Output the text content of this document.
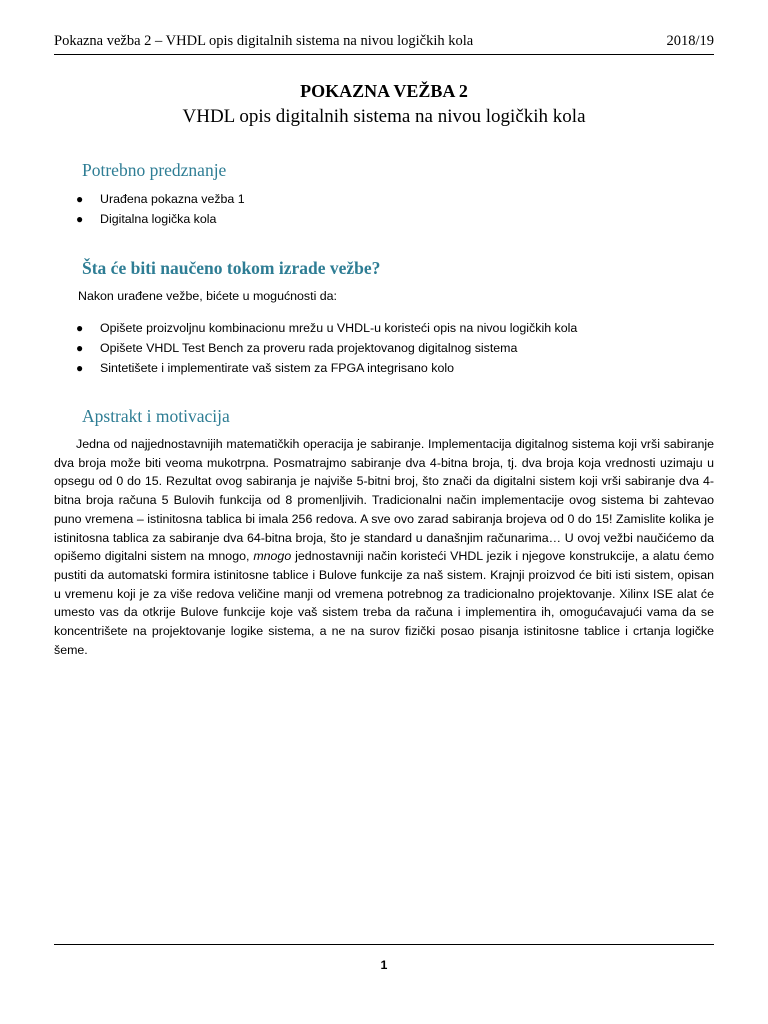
Pokazna vežba 2 – VHDL opis digitalnih sistema na nivou logičkih kola	2018/19
POKAZNA VEŽBA 2
VHDL opis digitalnih sistema na nivou logičkih kola
Potrebno predznanje
● Urađena pokazna vežba 1
● Digitalna logička kola
Šta će biti naučeno tokom izrade vežbe?
Nakon urađene vežbe, bićete u mogućnosti da:
● Opišete proizvoljnu kombinacionu mrežu u VHDL-u koristeći opis na nivou logičkih kola
● Opišete VHDL Test Bench za proveru rada projektovanog digitalnog sistema
● Sintetišete i implementirate vaš sistem za FPGA integrisano kolo
Apstrakt i motivacija
Jedna od najjednostavnijih matematičkih operacija je sabiranje. Implementacija digitalnog sistema koji vrši sabiranje dva broja može biti veoma mukotrpna. Posmatrajmo sabiranje dva 4-bitna broja, tj. dva broja koja vrednosti uzimaju u opsegu od 0 do 15. Rezultat ovog sabiranja je najviše 5-bitni broj, što znači da digitalni sistem koji vrši sabiranje dva 4-bitna broja računa 5 Bulovih funkcija od 8 promenljivih. Tradicionalni način implementacije ovog sistema bi zahtevao puno vremena – istinitosna tablica bi imala 256 redova. A sve ovo zarad sabiranja brojeva od 0 do 15! Zamislite kolika je istinitosna tablica za sabiranje dva 64-bitna broja, što je standard u današnjim računarima… U ovoj vežbi naučićemo da opišemo digitalni sistem na mnogo, mnogo jednostavniji način koristeći VHDL jezik i njegove konstrukcije, a alatu ćemo pustiti da automatski formira istinitosne tablice i Bulove funkcije za naš sistem. Krajnji proizvod će biti isti sistem, opisan u vremenu koji je za više redova veličine manji od vremena potrebnog za tradicionalno projektovanje. Xilinx ISE alat će umesto vas da otkrije Bulove funkcije koje vaš sistem treba da računa i implementira ih, omogućavajući vama da se koncentrišete na projektovanje logike sistema, a ne na surov fizički posao pisanja istinitosne tablice i crtanja logičke šeme.
1
